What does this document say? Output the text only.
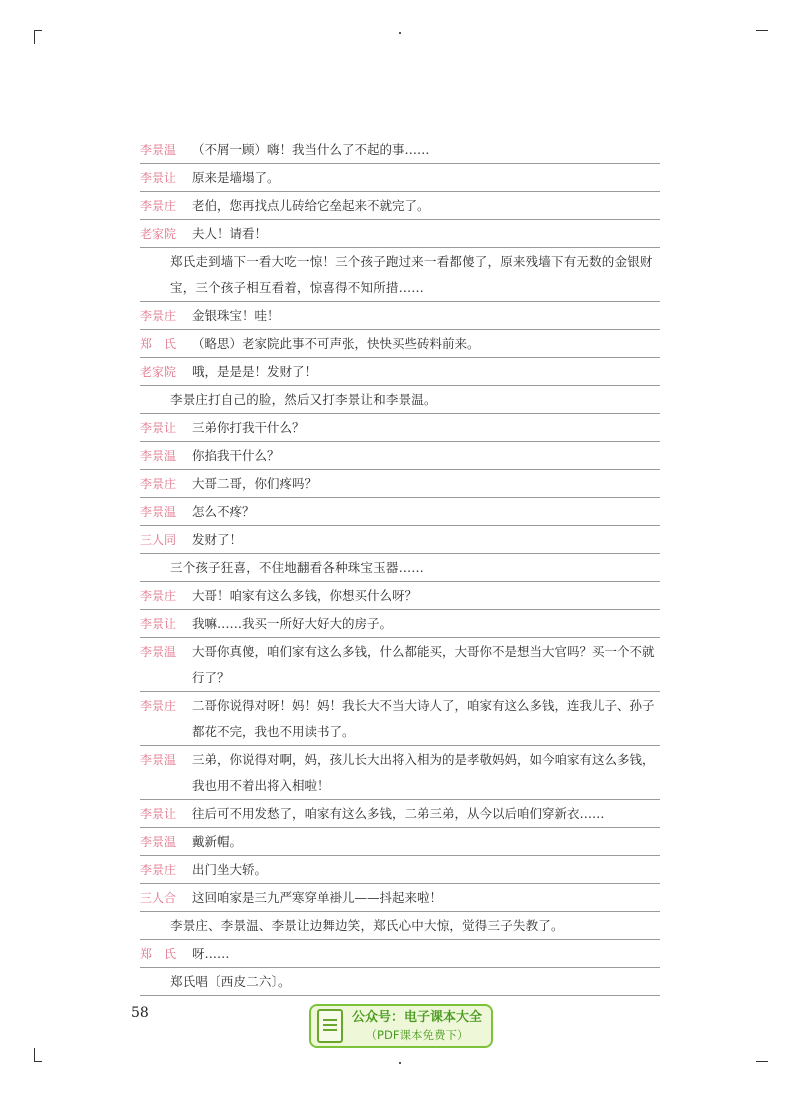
李景温	（不屑一顾）嗨！我当什么了不起的事……
李景让	原来是墙塌了。
李景庄	老伯，您再找点儿砖给它垒起来不就完了。
老家院	夫人！请看！
郑氏走到墙下一看大吃一惊！三个孩子跑过来一看都傻了，原来残墙下有无数的金银财宝，三个孩子相互看着，惊喜得不知所措……
李景庄	金银珠宝！哇！
郑　氏	（略思）老家院此事不可声张，快快买些砖料前来。
老家院	哦，是是是！发财了！
李景庄打自己的脸，然后又打李景让和李景温。
李景让	三弟你打我干什么？
李景温	你掐我干什么？
李景庄	大哥二哥，你们疼吗？
李景温	怎么不疼？
三人同	发财了！
三个孩子狂喜，不住地翻看各种珠宝玉器……
李景庄	大哥！咱家有这么多钱，你想买什么呀？
李景让	我嘛……我买一所好大好大的房子。
李景温	大哥你真傻，咱们家有这么多钱，什么都能买，大哥你不是想当大官吗？买一个不就行了？
李景庄	二哥你说得对呀！妈！妈！我长大不当大诗人了，咱家有这么多钱，连我儿子、孙子都花不完，我也不用读书了。
李景温	三弟，你说得对啊，妈，孩儿长大出将入相为的是孝敬妈妈，如今咱家有这么多钱，我也用不着出将入相啦！
李景让	往后可不用发愁了，咱家有这么多钱，二弟三弟，从今以后咱们穿新衣……
李景温	戴新帽。
李景庄	出门坐大轿。
三人合	这回咱家是三九严寒穿单褂儿——抖起来啦！
李景庄、李景温、李景让边舞边笑，郑氏心中大惊，觉得三子失教了。
郑　氏	呀……
郑氏唱〔西皮二六〕。
58	公众号：电子课本大全
（PDF课本免费下）
